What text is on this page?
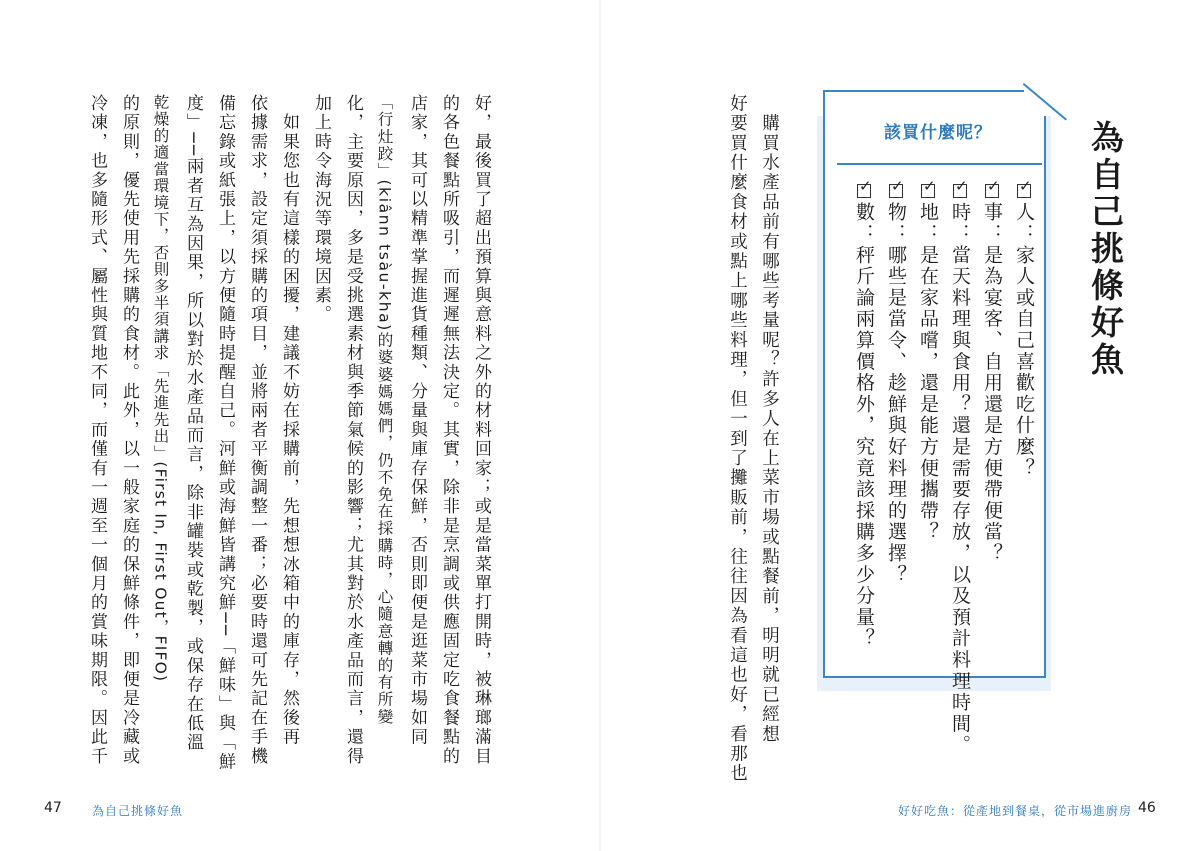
為自己挑條好魚
該買什麼呢？
✓人：家人或自己喜歡吃什麼？
✓事：是為宴客、自用還是方便帶便當？
✓時：當天料理與食用？還是需要存放，以及預計料理時間。
✓地：是在家品嚐，還是能方便攜帶？
✓物：哪些是當令、趁鮮與好料理的選擇？
✓數：秤斤論兩算價格外，究竟該採購多少分量？
　購買水產品前有哪些考量呢？許多人在上菜市場或點餐前，明明就已經想
好要買什麼食材或點上哪些料理，但一到了攤販前，往往因為看這也好，看那也
46
好好吃魚：從產地到餐桌，從市場進廚房
好，最後買了超出預算與意料之外的材料回家；或是當菜單打開時，被琳瑯滿目
的各色餐點所吸引，而遲遲無法決定。其實，除非是烹調或供應固定吃食餐點的
店家，其可以精準掌握進貨種類、分量與庫存保鮮，否則即便是逛菜市場如同
「行灶跤」(kiânn tsàu-kha)的婆婆媽媽們，仍不免在採購時，心隨意轉的有所變
化，主要原因，多是受挑選素材與季節氣候的影響；尤其對於水產品而言，還得
加上時令海況等環境因素。
　如果您也有這樣的困擾，建議不妨在採購前，先想想冰箱中的庫存，然後再
依據需求，設定須採購的項目，並將兩者平衡調整一番；必要時還可先記在手機
備忘錄或紙張上，以方便隨時提醒自己。河鮮或海鮮皆講究鮮──「鮮味」與「鮮
度」──兩者互為因果，所以對於水產品而言，除非罐裝或乾製，或保存在低溫
乾燥的適當環境下，否則多半須講求「先進先出」(First In, First Out，FIFO)
的原則，優先使用先採購的食材。此外，以一般家庭的保鮮條件，即便是冷藏或
冷凍，也多隨形式、屬性與質地不同，而僅有一週至一個月的賞味期限。因此千
47	為自己挑條好魚
